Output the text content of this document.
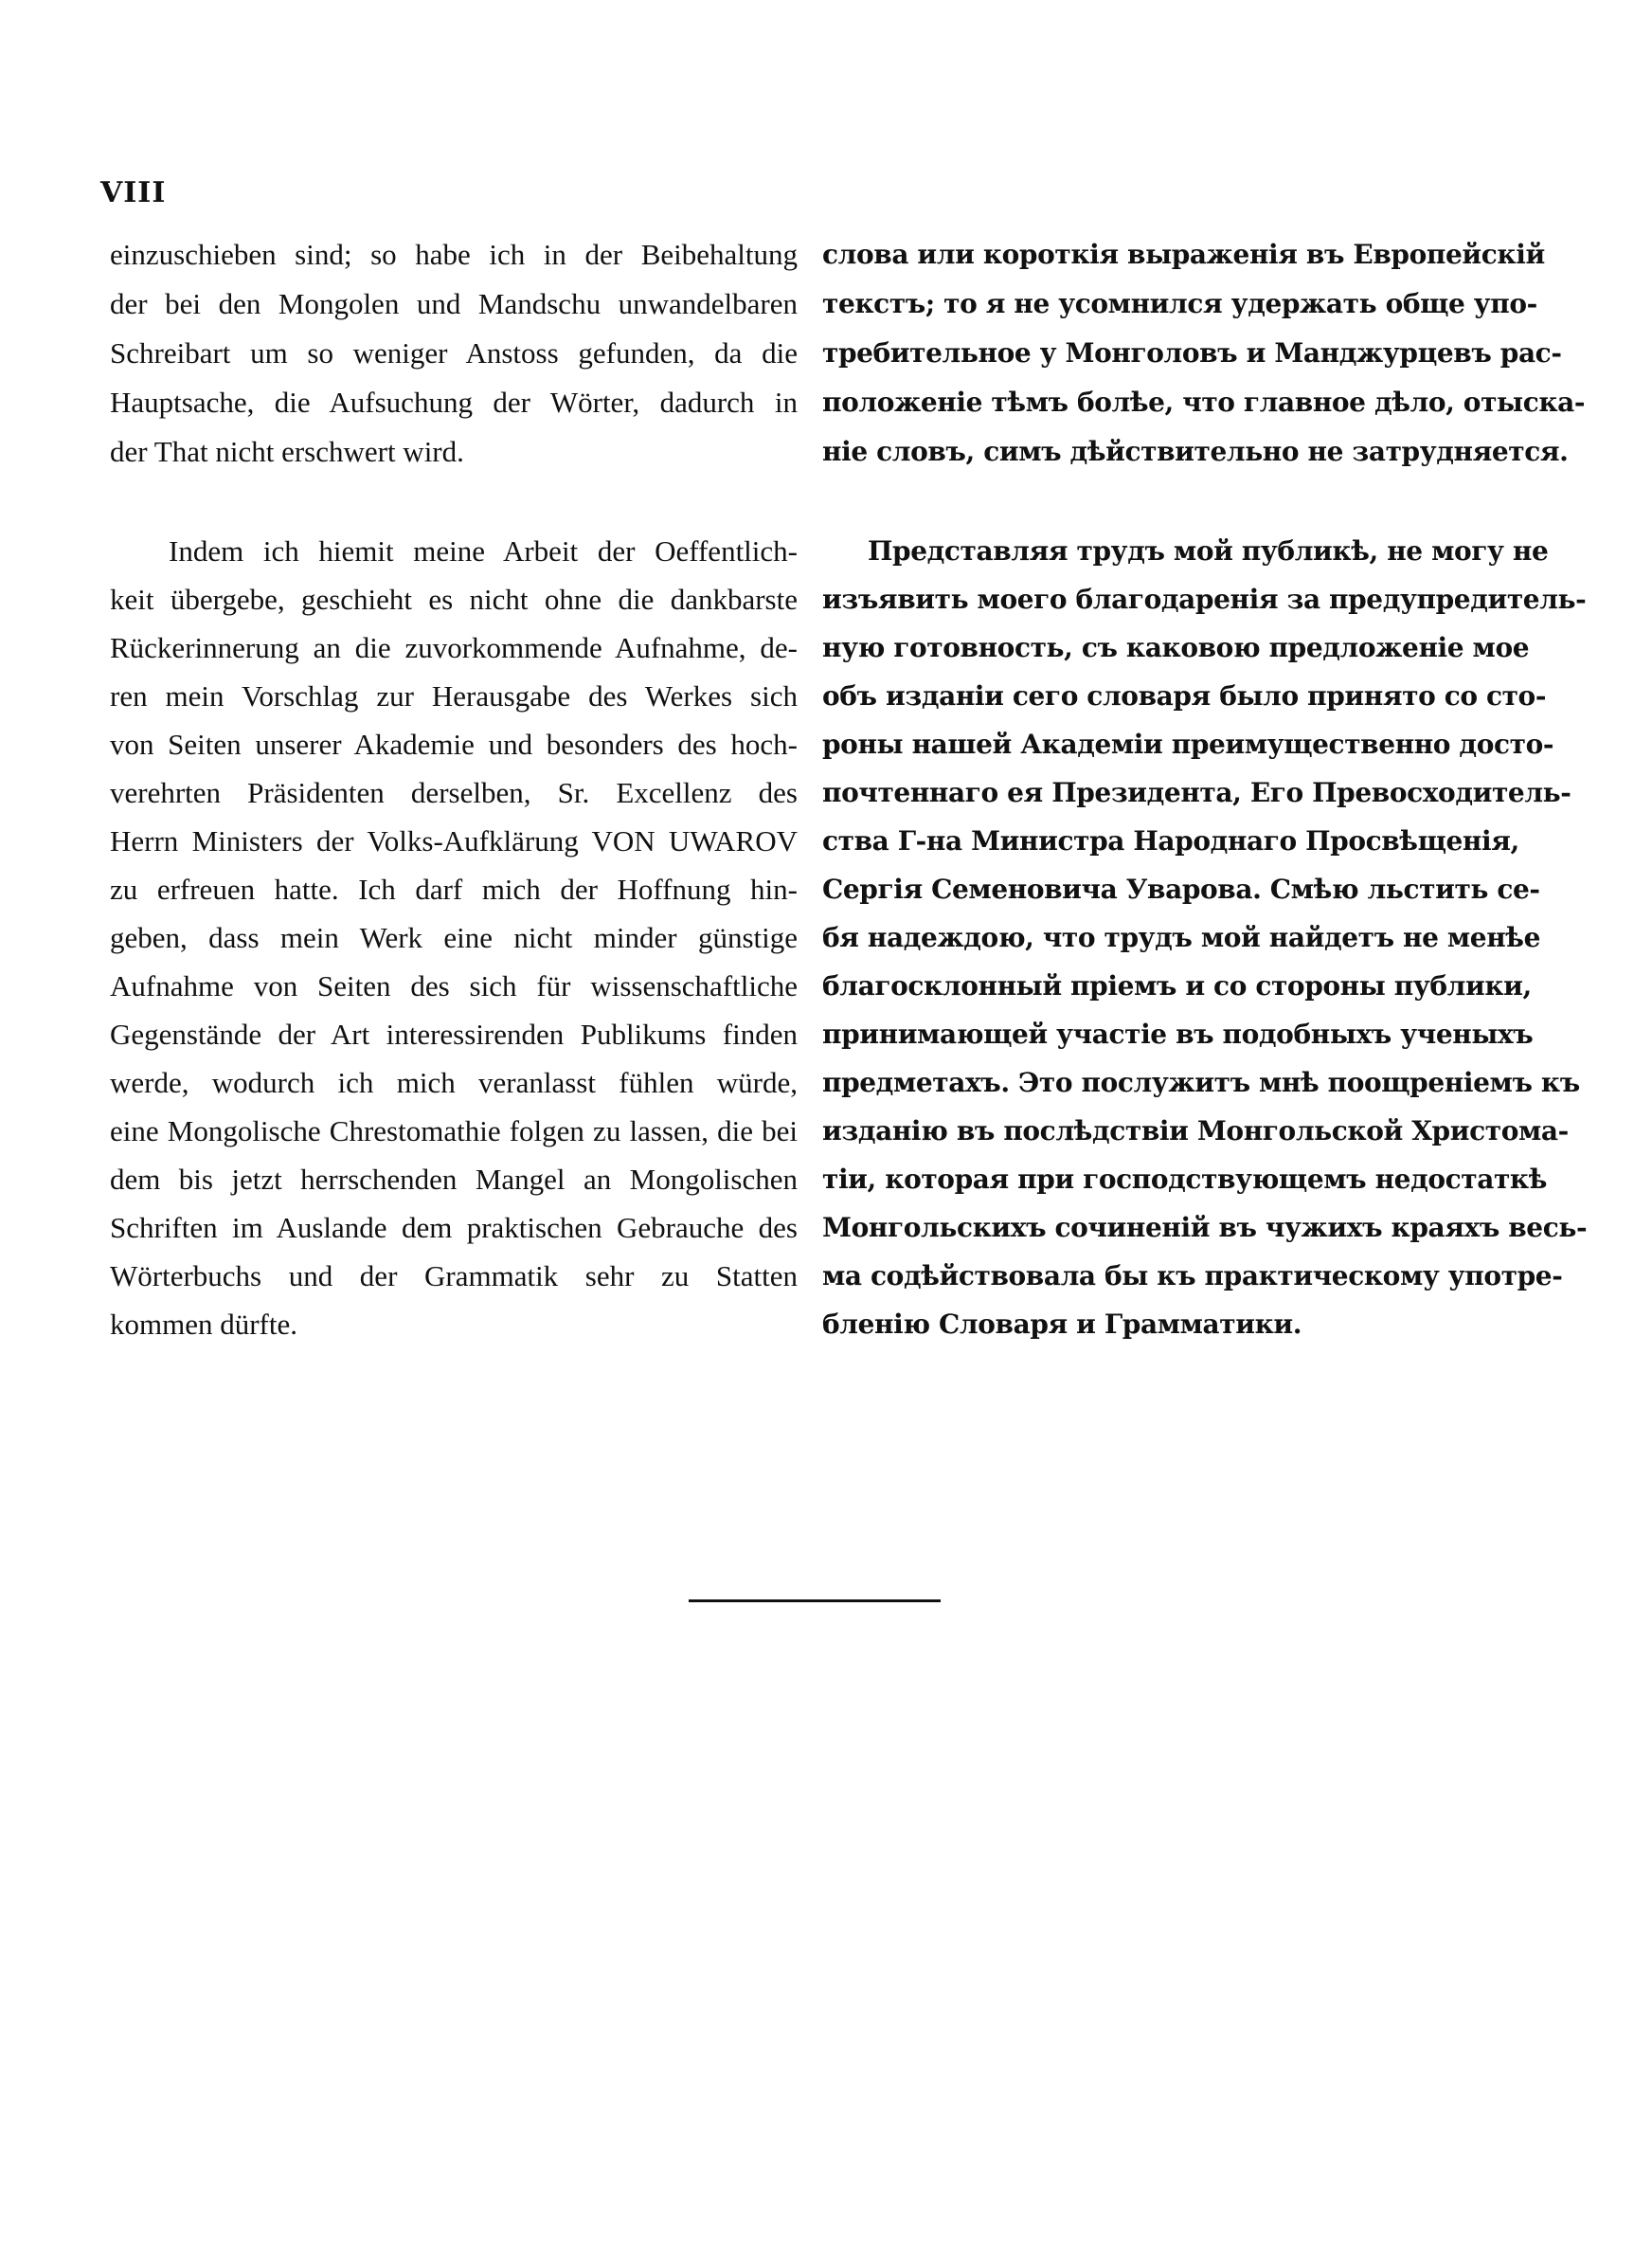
VIII
einzuschieben sind; so habe ich in der Beibehaltung
der bei den Mongolen und Mandschu unwandelbaren
Schreibart um so weniger Anstoss gefunden, da die
Hauptsache, die Aufsuchung der Wörter, dadurch in
der That nicht erschwert wird.
Indem ich hiemit meine Arbeit der Oeffentlich-
keit übergebe, geschieht es nicht ohne die dankbarste
Rückerinnerung an die zuvorkommende Aufnahme, de-
ren mein Vorschlag zur Herausgabe des Werkes sich
von Seiten unserer Akademie und besonders des hoch-
verehrten Präsidenten derselben, Sr. Excellenz des
Herrn Ministers der Volks-Aufklärung VON UWAROV
zu erfreuen hatte. Ich darf mich der Hoffnung hin-
geben, dass mein Werk eine nicht minder günstige
Aufnahme von Seiten des sich für wissenschaftliche
Gegenstände der Art interessirenden Publikums finden
werde, wodurch ich mich veranlasst fühlen würde,
eine Mongolische Chrestomathie folgen zu lassen, die bei
dem bis jetzt herrschenden Mangel an Mongolischen
Schriften im Auslande dem praktischen Gebrauche des
Wörterbuchs und der Grammatik sehr zu Statten
kommen dürfte.
слова или короткія выраженія въ Европейскій
текстъ; то я не усомнился удержать обще упо-
требительное у Монголовъ и Манджурцевъ рас-
положеніе тѣмъ болѣе, что главное дѣло, отыска-
ніе словъ, симъ дѣйствительно не затрудняется.
Представляя трудъ мой публикѣ, не могу не
изъявить моего благодаренія за предупредитель-
ную готовность, съ каковою предложеніе мое
объ изданіи сего словаря было принято со сто-
роны нашей Академіи преимущественно досто-
почтеннаго ея Президента, Его Превосходитель-
ства Г-на Министра Народнаго Просвѣщенія,
Сергія Семеновича Уварова. Смѣю льстить се-
бя надеждою, что трудъ мой найдетъ не менѣе
благосклонный пріемъ и со стороны публики,
принимающей участіе въ подобныхъ ученыхъ
предметахъ. Это послужитъ мнѣ поощреніемъ къ
изданію въ послѣдствіи Монгольской Христома-
тіи, которая при господствующемъ недостаткѣ
Монгольскихъ сочиненій въ чужихъ краяхъ весь-
ма содѣйствовала бы къ практическому употре-
бленію Словаря и Грамматики.
